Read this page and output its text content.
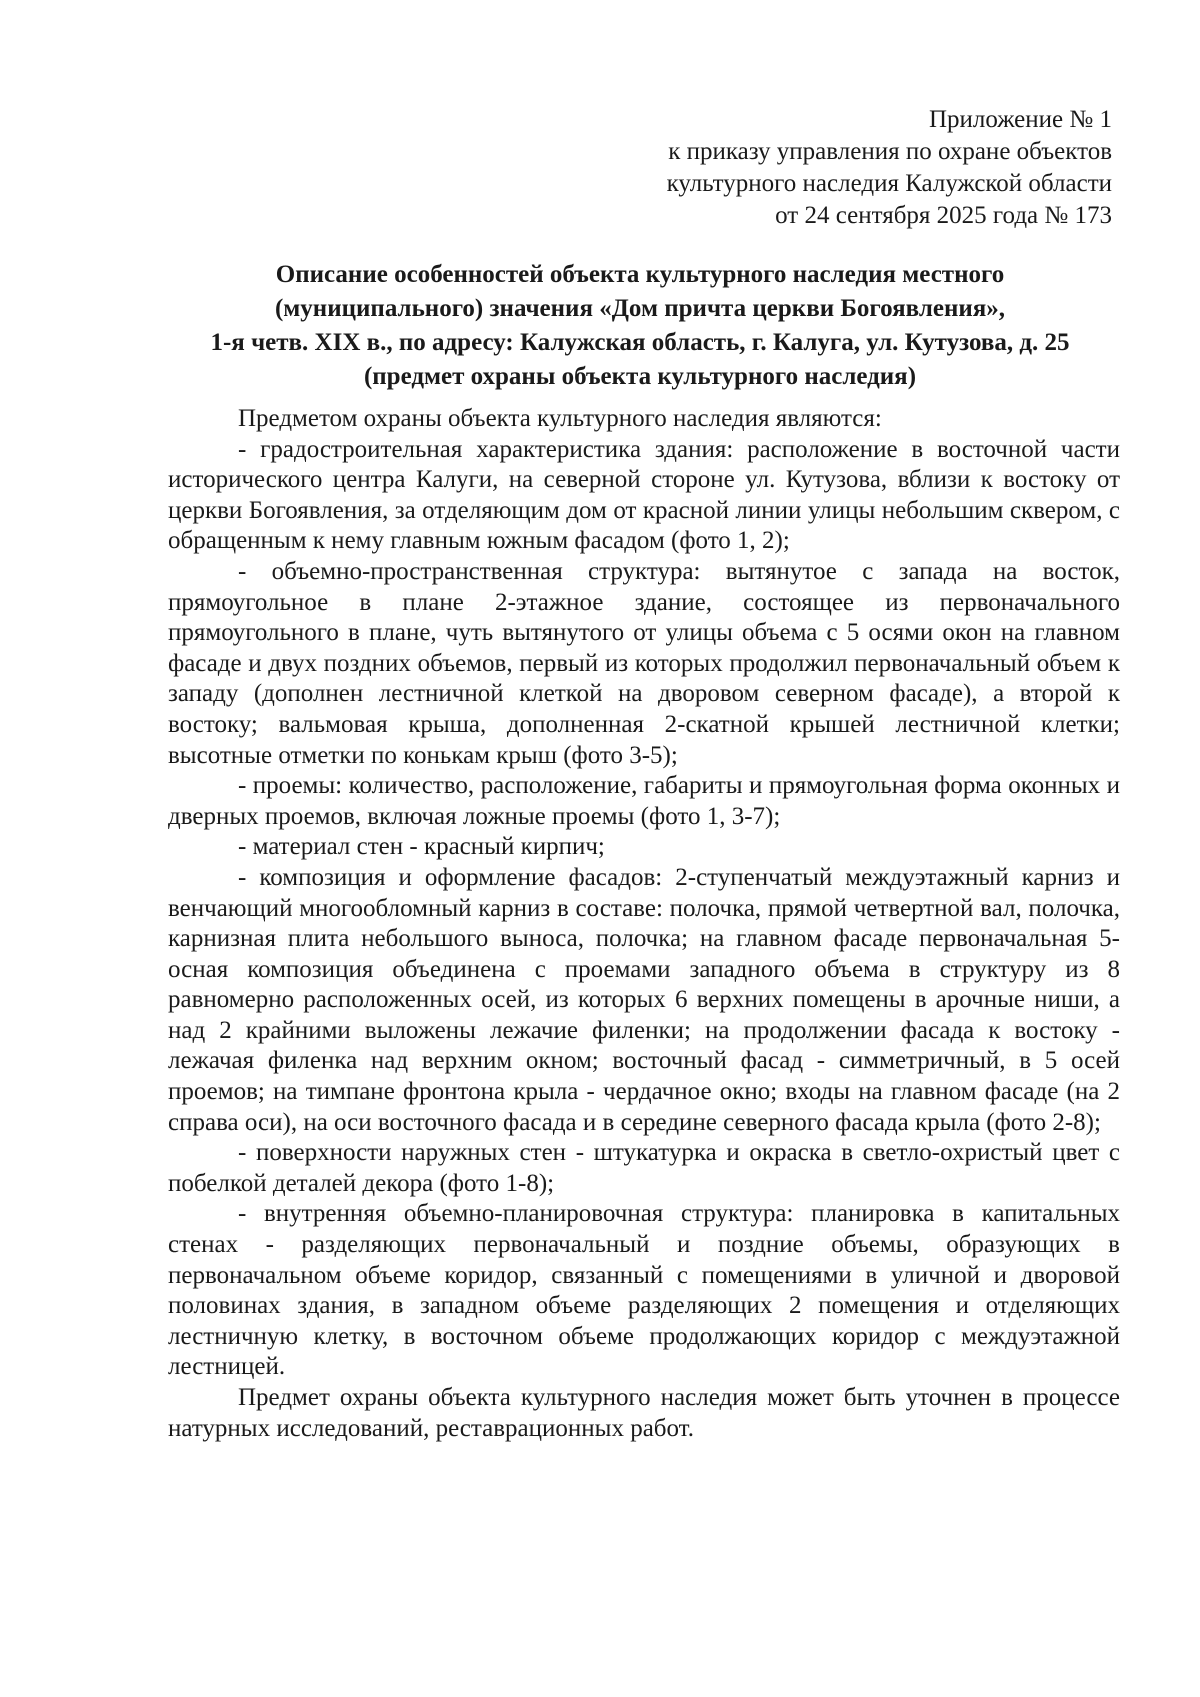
Приложение № 1
к приказу управления по охране объектов
культурного наследия Калужской области
от 24 сентября 2025 года № 173
Описание особенностей объекта культурного наследия местного
(муниципального) значения «Дом причта церкви Богоявления»,
1-я четв. XIX в., по адресу: Калужская область, г. Калуга, ул. Кутузова, д. 25
(предмет охраны объекта культурного наследия)

Предметом охраны объекта культурного наследия являются:

- градостроительная характеристика здания: расположение в восточной части исторического центра Калуги, на северной стороне ул. Кутузова, вблизи к востоку от церкви Богоявления, за отделяющим дом от красной линии улицы небольшим сквером, с обращенным к нему главным южным фасадом (фото 1, 2);

- объемно-пространственная структура: вытянутое с запада на восток, прямоугольное в плане 2-этажное здание, состоящее из первоначального прямоугольного в плане, чуть вытянутого от улицы объема с 5 осями окон на главном фасаде и двух поздних объемов, первый из которых продолжил первоначальный объем к западу (дополнен лестничной клеткой на дворовом северном фасаде), а второй к востоку; вальмовая крыша, дополненная 2-скатной крышей лестничной клетки; высотные отметки по конькам крыш (фото 3-5);

- проемы: количество, расположение, габариты и прямоугольная форма оконных и дверных проемов, включая ложные проемы (фото 1, 3-7);

- материал стен - красный кирпич;

- композиция и оформление фасадов: 2-ступенчатый междуэтажный карниз и венчающий многообломный карниз в составе: полочка, прямой четвертной вал, полочка, карнизная плита небольшого выноса, полочка; на главном фасаде первоначальная 5-осная композиция объединена с проемами западного объема в структуру из 8 равномерно расположенных осей, из которых 6 верхних помещены в арочные ниши, а над 2 крайними выложены лежачие филенки; на продолжении фасада к востоку - лежачая филенка над верхним окном; восточный фасад - симметричный, в 5 осей проемов; на тимпане фронтона крыла - чердачное окно; входы на главном фасаде (на 2 справа оси), на оси восточного фасада и в середине северного фасада крыла (фото 2-8);

- поверхности наружных стен - штукатурка и окраска в светло-охристый цвет с побелкой деталей декора (фото 1-8);

- внутренняя объемно-планировочная структура: планировка в капитальных стенах - разделяющих первоначальный и поздние объемы, образующих в первоначальном объеме коридор, связанный с помещениями в уличной и дворовой половинах здания, в западном объеме разделяющих 2 помещения и отделяющих лестничную клетку, в восточном объеме продолжающих коридор с междуэтажной лестницей.

Предмет охраны объекта культурного наследия может быть уточнен в процессе натурных исследований, реставрационных работ.
